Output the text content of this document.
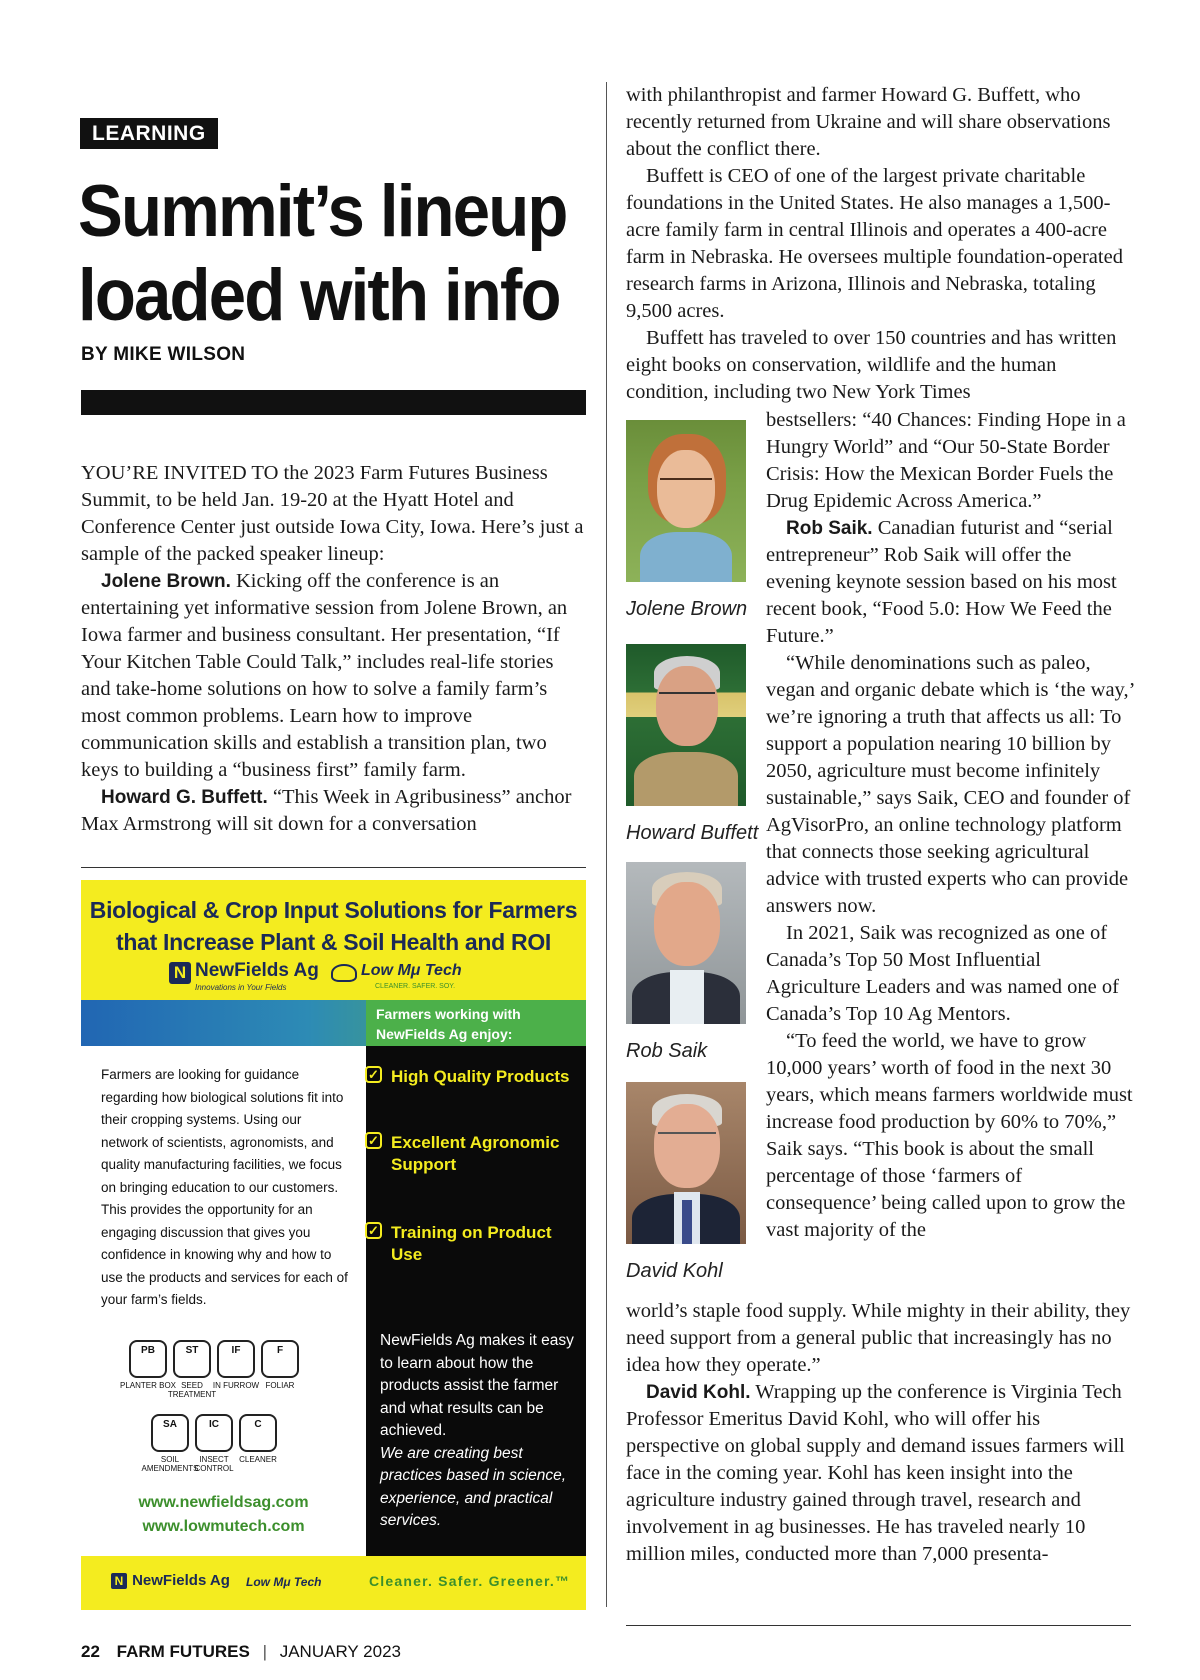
LEARNING
Summit’s lineup
loaded with info
BY MIKE WILSON

YOU’RE INVITED TO the 2023 Farm Futures Business Summit, to be held Jan. 19-20 at the Hyatt Hotel and Conference Center just outside Iowa City, Iowa. Here’s just a sample of the packed speaker lineup:

Jolene Brown. Kicking off the conference is an entertaining yet informative session from Jolene Brown, an Iowa farmer and business consultant. Her presentation, “If Your Kitchen Table Could Talk,” includes real-life stories and take-home solutions on how to solve a family farm’s most common problems. Learn how to improve communication skills and establish a transition plan, two keys to building a “business first” family farm.

Howard G. Buffett. “This Week in Agribusiness” anchor Max Armstrong will sit down for a conversation

Biological & Crop Input Solutions for Farmers
that Increase Plant & Soil Health and ROI
N NewFields Ag
Innovations in Your Fields
Low Mμ Tech
CLEANER. SAFER. SOY.
Farmers working with NewFields Ag enjoy:
Farmers are looking for guidance regarding how biological solutions fit into their cropping systems. Using our network of scientists, agronomists, and quality manufacturing facilities, we focus on bringing education to our customers. This provides the opportunity for an engaging discussion that gives you confidence in knowing why and how to use the products and services for each of your farm’s fields.
✓ High Quality Products
✓ Excellent Agronomic Support
✓ Training on Product Use
NewFields Ag makes it easy to learn about how the products assist the farmer and what results can be achieved.
We are creating best practices based in science, experience, and practical services.
PB
PLANTER BOX
ST
SEED TREATMENT
IF
IN FURROW
F
FOLIAR
SA
SOIL AMENDMENTS
IC
INSECT CONTROL
C
CLEANER
www.newfieldsag.com
www.lowmutech.com
N NewFields Ag Low Mμ Tech	Cleaner. Safer. Greener.™

with philanthropist and farmer Howard G. Buffett, who recently returned from Ukraine and will share observations about the conflict there.

Buffett is CEO of one of the largest private charitable foundations in the United States. He also manages a 1,500-acre family farm in central Illinois and operates a 400-acre farm in Nebraska. He oversees multiple foundation-operated research farms in Arizona, Illinois and Nebraska, totaling 9,500 acres.

Buffett has traveled to over 150 countries and has written eight books on conservation, wildlife and the human condition, including two New York Times

Jolene Brown
Howard Buffett
Rob Saik
David Kohl

bestsellers: “40 Chances: Finding Hope in a Hungry World” and “Our 50-State Border Crisis: How the Mexican Border Fuels the Drug Epidemic Across America.”

Rob Saik. Canadian futurist and “serial entrepreneur” Rob Saik will offer the evening keynote session based on his most recent book, “Food 5.0: How We Feed the Future.”

“While denominations such as paleo, vegan and organic debate which is ‘the way,’ we’re ignoring a truth that affects us all: To support a population nearing 10 billion by 2050, agriculture must become infinitely sustainable,” says Saik, CEO and founder of AgVisorPro, an online technology platform that connects those seeking agricultural advice with trusted experts who can provide answers now.

In 2021, Saik was recognized as one of Canada’s Top 50 Most Influential Agriculture Leaders and was named one of Canada’s Top 10 Ag Mentors.

“To feed the world, we have to grow 10,000 years’ worth of food in the next 30 years, which means farmers worldwide must increase food production by 60% to 70%,” Saik says. “This book is about the small percentage of those ‘farmers of consequence’ being called upon to grow the vast majority of the

world’s staple food supply. While mighty in their ability, they need support from a general public that increasingly has no idea how they operate.”

David Kohl. Wrapping up the conference is Virginia Tech Professor Emeritus David Kohl, who will offer his perspective on global supply and demand issues farmers will face in the coming year. Kohl has keen insight into the agriculture industry gained through travel, research and involvement in ag businesses. He has traveled nearly 10 million miles, conducted more than 7,000 presenta-

22 FARM FUTURES | JANUARY 2023
